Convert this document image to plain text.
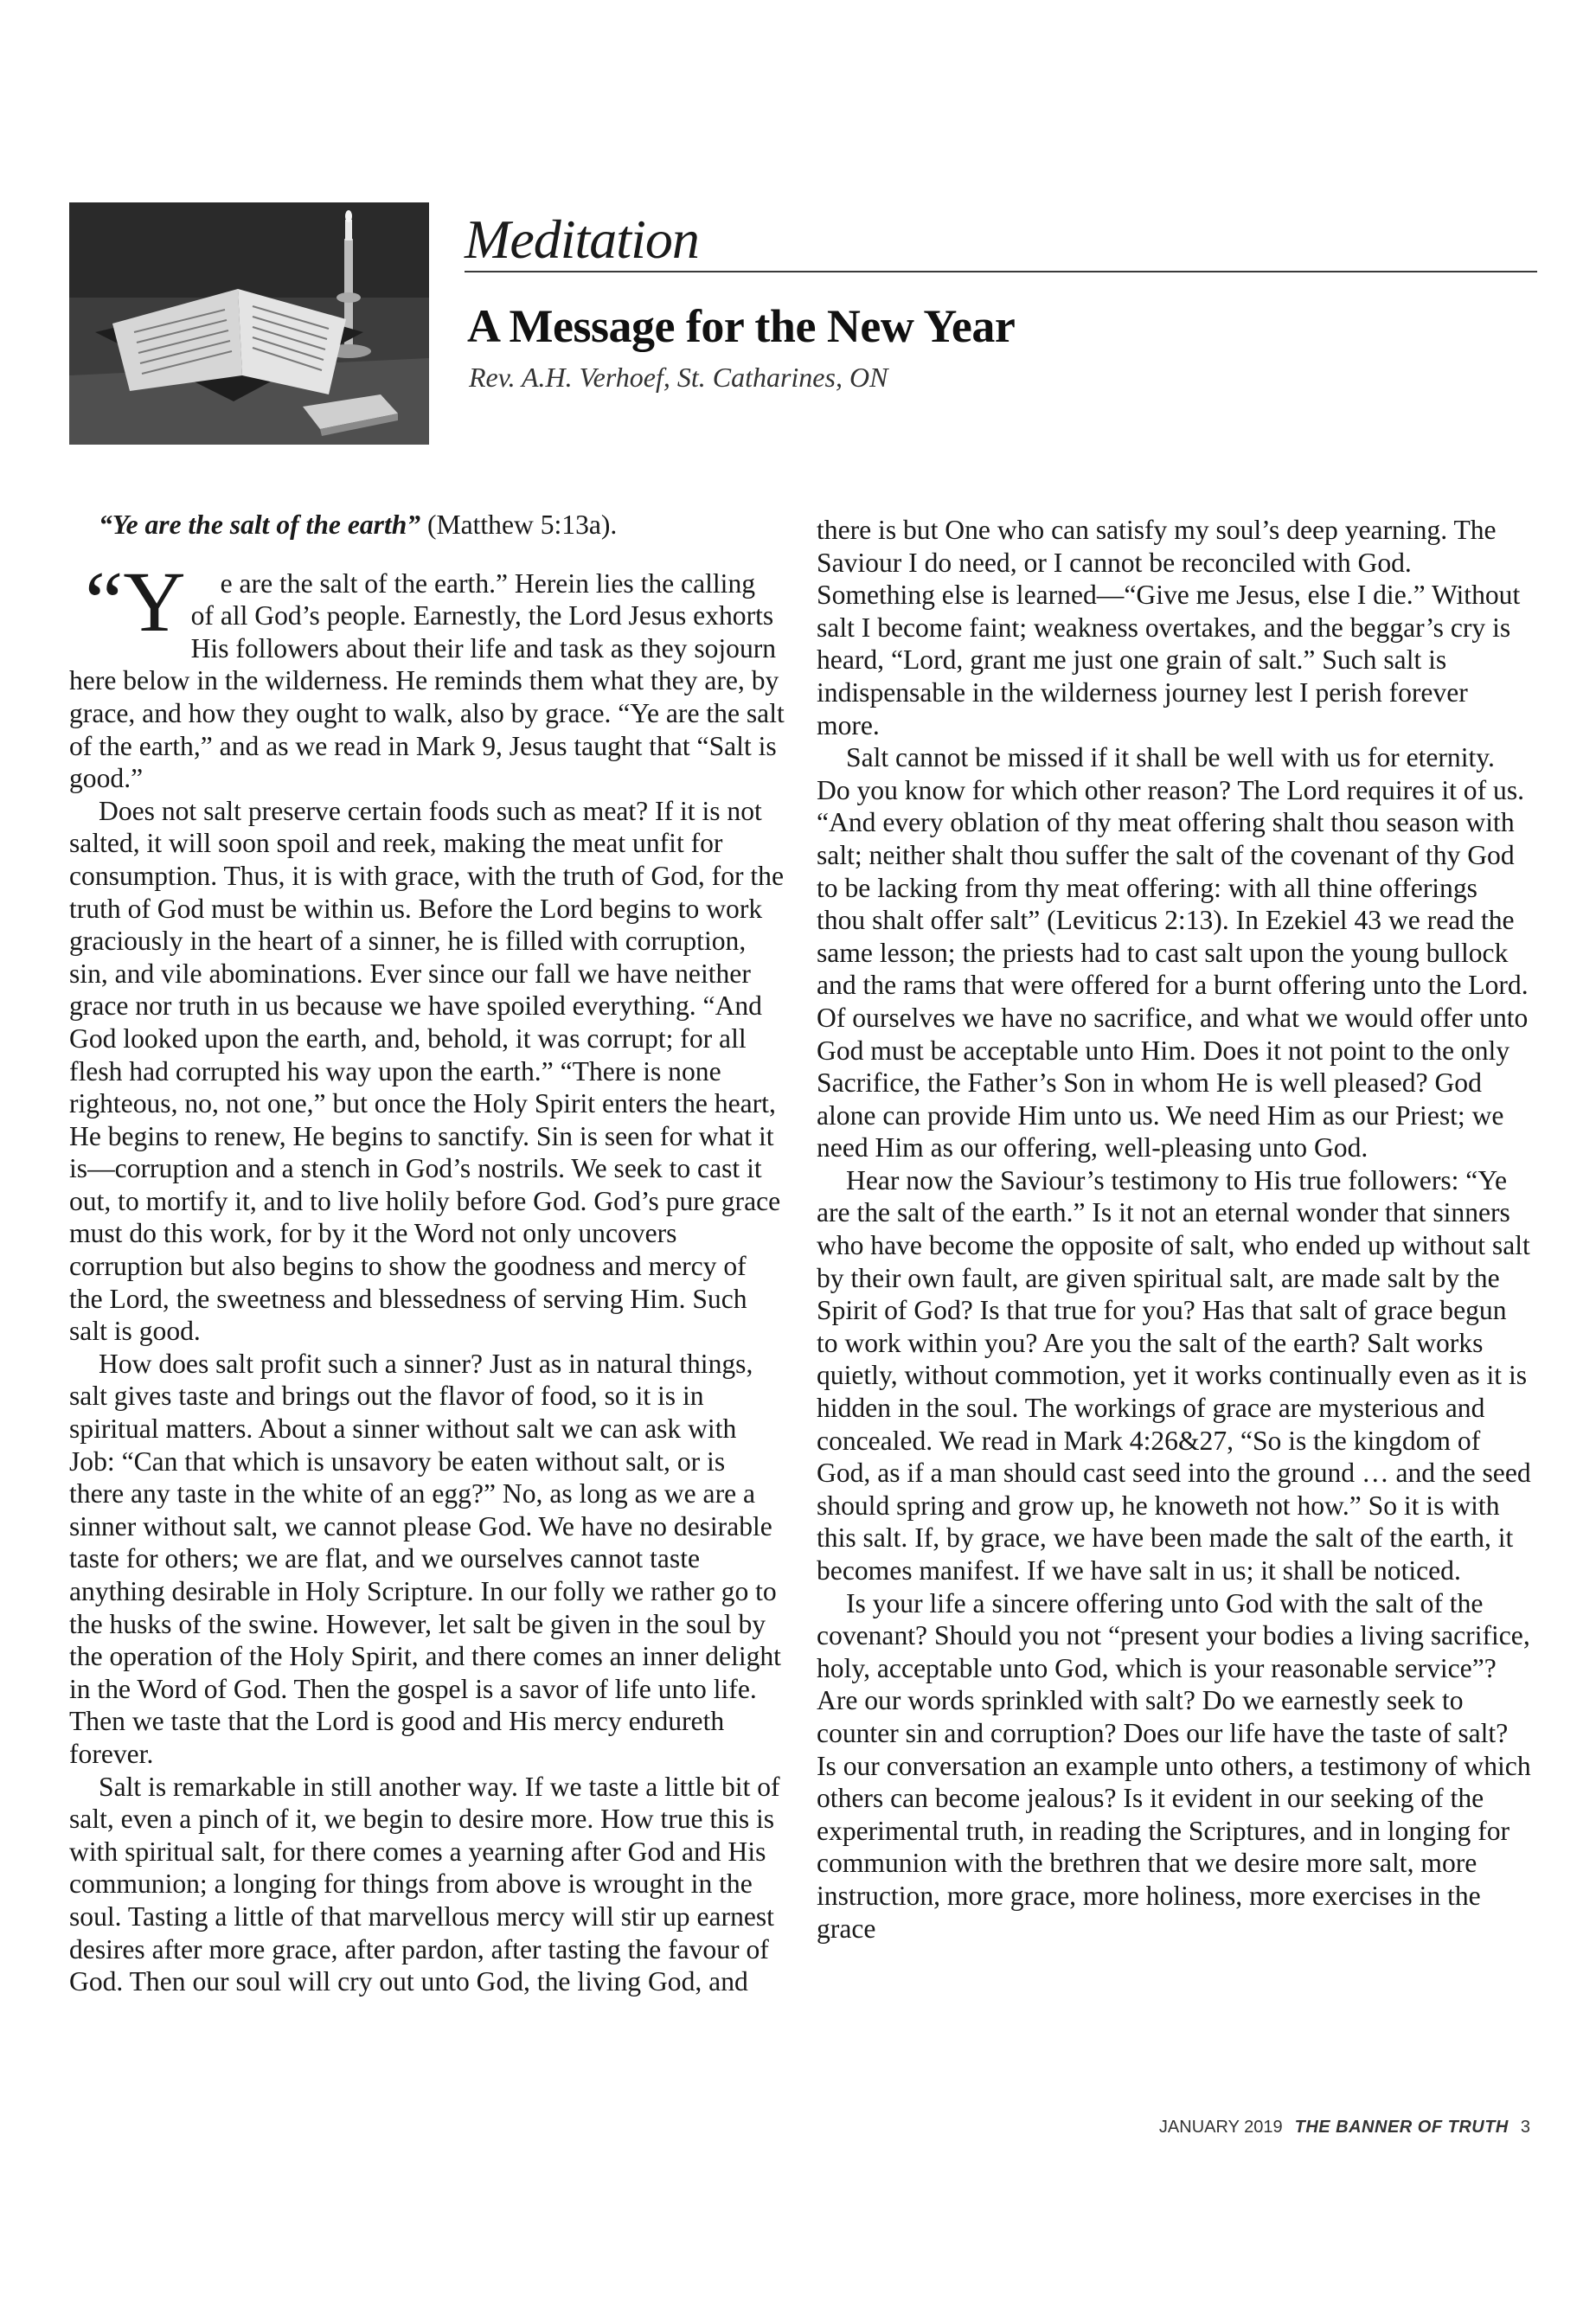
Meditation
A Message for the New Year
Rev. A.H. Verhoef, St. Catharines, ON

“Ye are the salt of the earth” (Matthew 5:13a).

“Y e are the salt of the earth.” Herein lies the calling of all God’s people. Earnestly, the Lord Jesus exhorts His followers about their life and task as they sojourn here below in the wilderness. He reminds them what they are, by grace, and how they ought to walk, also by grace. “Ye are the salt of the earth,” and as we read in Mark 9, Jesus taught that “Salt is good.”

Does not salt preserve certain foods such as meat? If it is not salted, it will soon spoil and reek, making the meat unfit for consumption. Thus, it is with grace, with the truth of God, for the truth of God must be within us. Before the Lord begins to work graciously in the heart of a sinner, he is filled with corruption, sin, and vile abominations. Ever since our fall we have neither grace nor truth in us because we have spoiled everything. “And God looked upon the earth, and, behold, it was corrupt; for all flesh had corrupted his way upon the earth.” “There is none righteous, no, not one,” but once the Holy Spirit enters the heart, He begins to renew, He begins to sanctify. Sin is seen for what it is—corruption and a stench in God’s nostrils. We seek to cast it out, to mortify it, and to live holily before God. God’s pure grace must do this work, for by it the Word not only uncovers corruption but also begins to show the goodness and mercy of the Lord, the sweetness and blessedness of serving Him. Such salt is good.

How does salt profit such a sinner? Just as in natural things, salt gives taste and brings out the flavor of food, so it is in spiritual matters. About a sinner without salt we can ask with Job: “Can that which is unsavory be eaten without salt, or is there any taste in the white of an egg?” No, as long as we are a sinner without salt, we cannot please God. We have no desirable taste for others; we are flat, and we ourselves cannot taste anything desirable in Holy Scripture. In our folly we rather go to the husks of the swine. However, let salt be given in the soul by the operation of the Holy Spirit, and there comes an inner delight in the Word of God. Then the gospel is a savor of life unto life. Then we taste that the Lord is good and His mercy endureth forever.

Salt is remarkable in still another way. If we taste a little bit of salt, even a pinch of it, we begin to desire more. How true this is with spiritual salt, for there comes a yearning after God and His communion; a longing for things from above is wrought in the soul. Tasting a little of that marvellous mercy will stir up earnest desires after more grace, after pardon, after tasting the favour of God. Then our soul will cry out unto God, the living God, and

there is but One who can satisfy my soul’s deep yearning. The Saviour I do need, or I cannot be reconciled with God. Something else is learned—“Give me Jesus, else I die.” Without salt I become faint; weakness overtakes, and the beggar’s cry is heard, “Lord, grant me just one grain of salt.” Such salt is indispensable in the wilderness journey lest I perish forever more.

Salt cannot be missed if it shall be well with us for eternity. Do you know for which other reason? The Lord requires it of us. “And every oblation of thy meat offering shalt thou season with salt; neither shalt thou suffer the salt of the covenant of thy God to be lacking from thy meat offering: with all thine offerings thou shalt offer salt” (Leviticus 2:13). In Ezekiel 43 we read the same lesson; the priests had to cast salt upon the young bullock and the rams that were offered for a burnt offering unto the Lord. Of ourselves we have no sacrifice, and what we would offer unto God must be acceptable unto Him. Does it not point to the only Sacrifice, the Father’s Son in whom He is well pleased? God alone can provide Him unto us. We need Him as our Priest; we need Him as our offering, well-pleasing unto God.

Hear now the Saviour’s testimony to His true followers: “Ye are the salt of the earth.” Is it not an eternal wonder that sinners who have become the opposite of salt, who ended up without salt by their own fault, are given spiritual salt, are made salt by the Spirit of God? Is that true for you? Has that salt of grace begun to work within you? Are you the salt of the earth? Salt works quietly, without commotion, yet it works continually even as it is hidden in the soul. The workings of grace are mysterious and concealed. We read in Mark 4:26&27, “So is the kingdom of God, as if a man should cast seed into the ground … and the seed should spring and grow up, he knoweth not how.” So it is with this salt. If, by grace, we have been made the salt of the earth, it becomes manifest. If we have salt in us; it shall be noticed.

Is your life a sincere offering unto God with the salt of the covenant? Should you not “present your bodies a living sacrifice, holy, acceptable unto God, which is your reasonable service”? Are our words sprinkled with salt? Do we earnestly seek to counter sin and corruption? Does our life have the taste of salt? Is our conversation an example unto others, a testimony of which others can become jealous? Is it evident in our seeking of the experimental truth, in reading the Scriptures, and in longing for communion with the brethren that we desire more salt, more instruction, more grace, more holiness, more exercises in the grace

JANUARY 2019 THE BANNER OF TRUTH 3
